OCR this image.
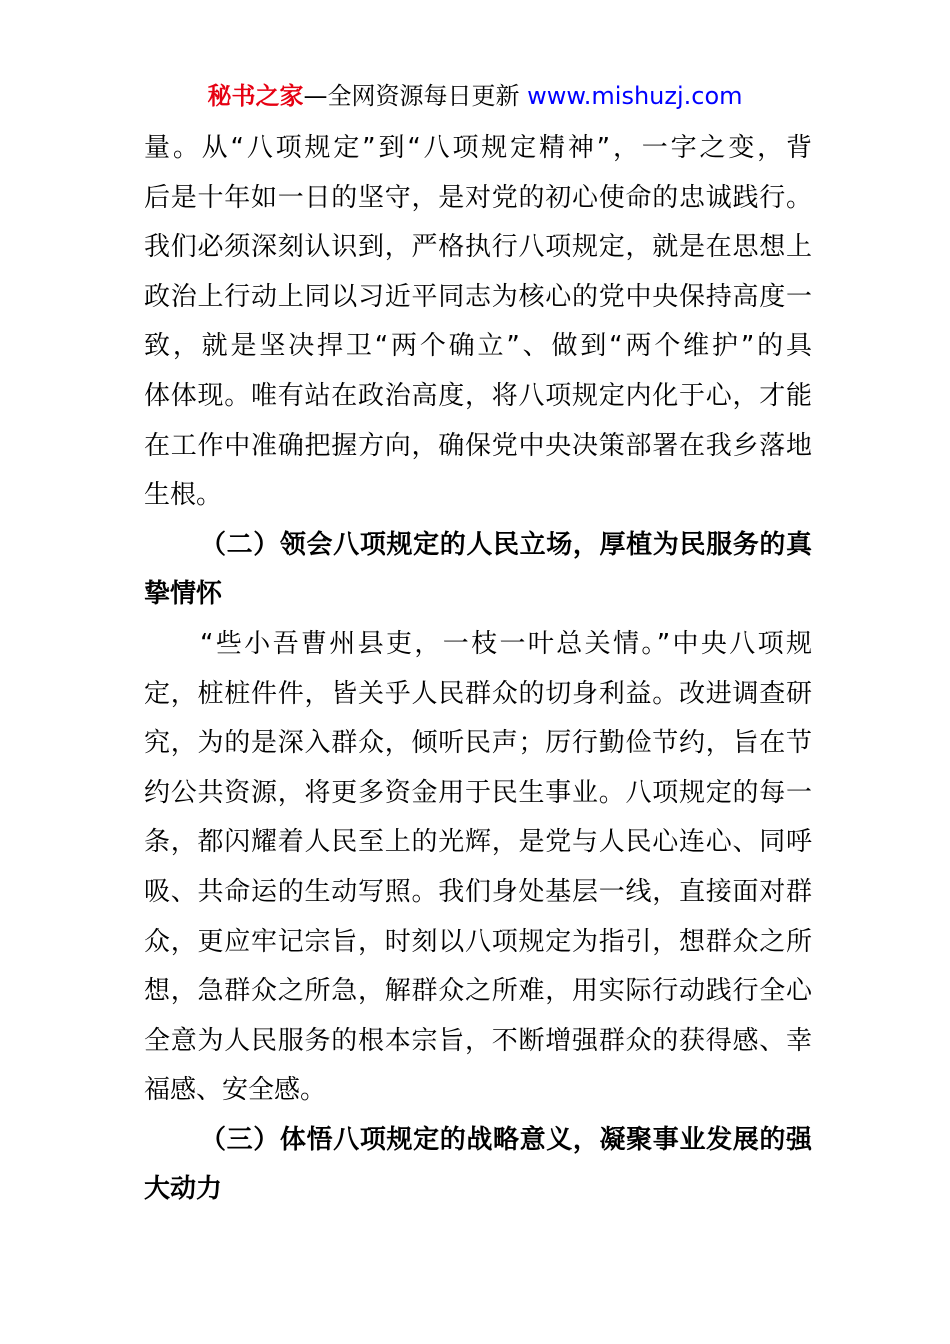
秘书之家—全网资源每日更新 www.mishuzj.com
量。从“八项规定”到“八项规定精神”，一字之变，背
后是十年如一日的坚守，是对党的初心使命的忠诚践行。
我们必须深刻认识到，严格执行八项规定，就是在思想上
政治上行动上同以习近平同志为核心的党中央保持高度一
致，就是坚决捍卫“两个确立”、做到“两个维护”的具
体体现。唯有站在政治高度，将八项规定内化于心，才能
在工作中准确把握方向，确保党中央决策部署在我乡落地
生根。
（二）领会八项规定的人民立场，厚植为民服务的真
挚情怀
“些小吾曹州县吏，一枝一叶总关情。”中央八项规
定，桩桩件件，皆关乎人民群众的切身利益。改进调查研
究，为的是深入群众，倾听民声；厉行勤俭节约，旨在节
约公共资源，将更多资金用于民生事业。八项规定的每一
条，都闪耀着人民至上的光辉，是党与人民心连心、同呼
吸、共命运的生动写照。我们身处基层一线，直接面对群
众，更应牢记宗旨，时刻以八项规定为指引，想群众之所
想，急群众之所急，解群众之所难，用实际行动践行全心
全意为人民服务的根本宗旨，不断增强群众的获得感、幸
福感、安全感。
（三）体悟八项规定的战略意义，凝聚事业发展的强
大动力
